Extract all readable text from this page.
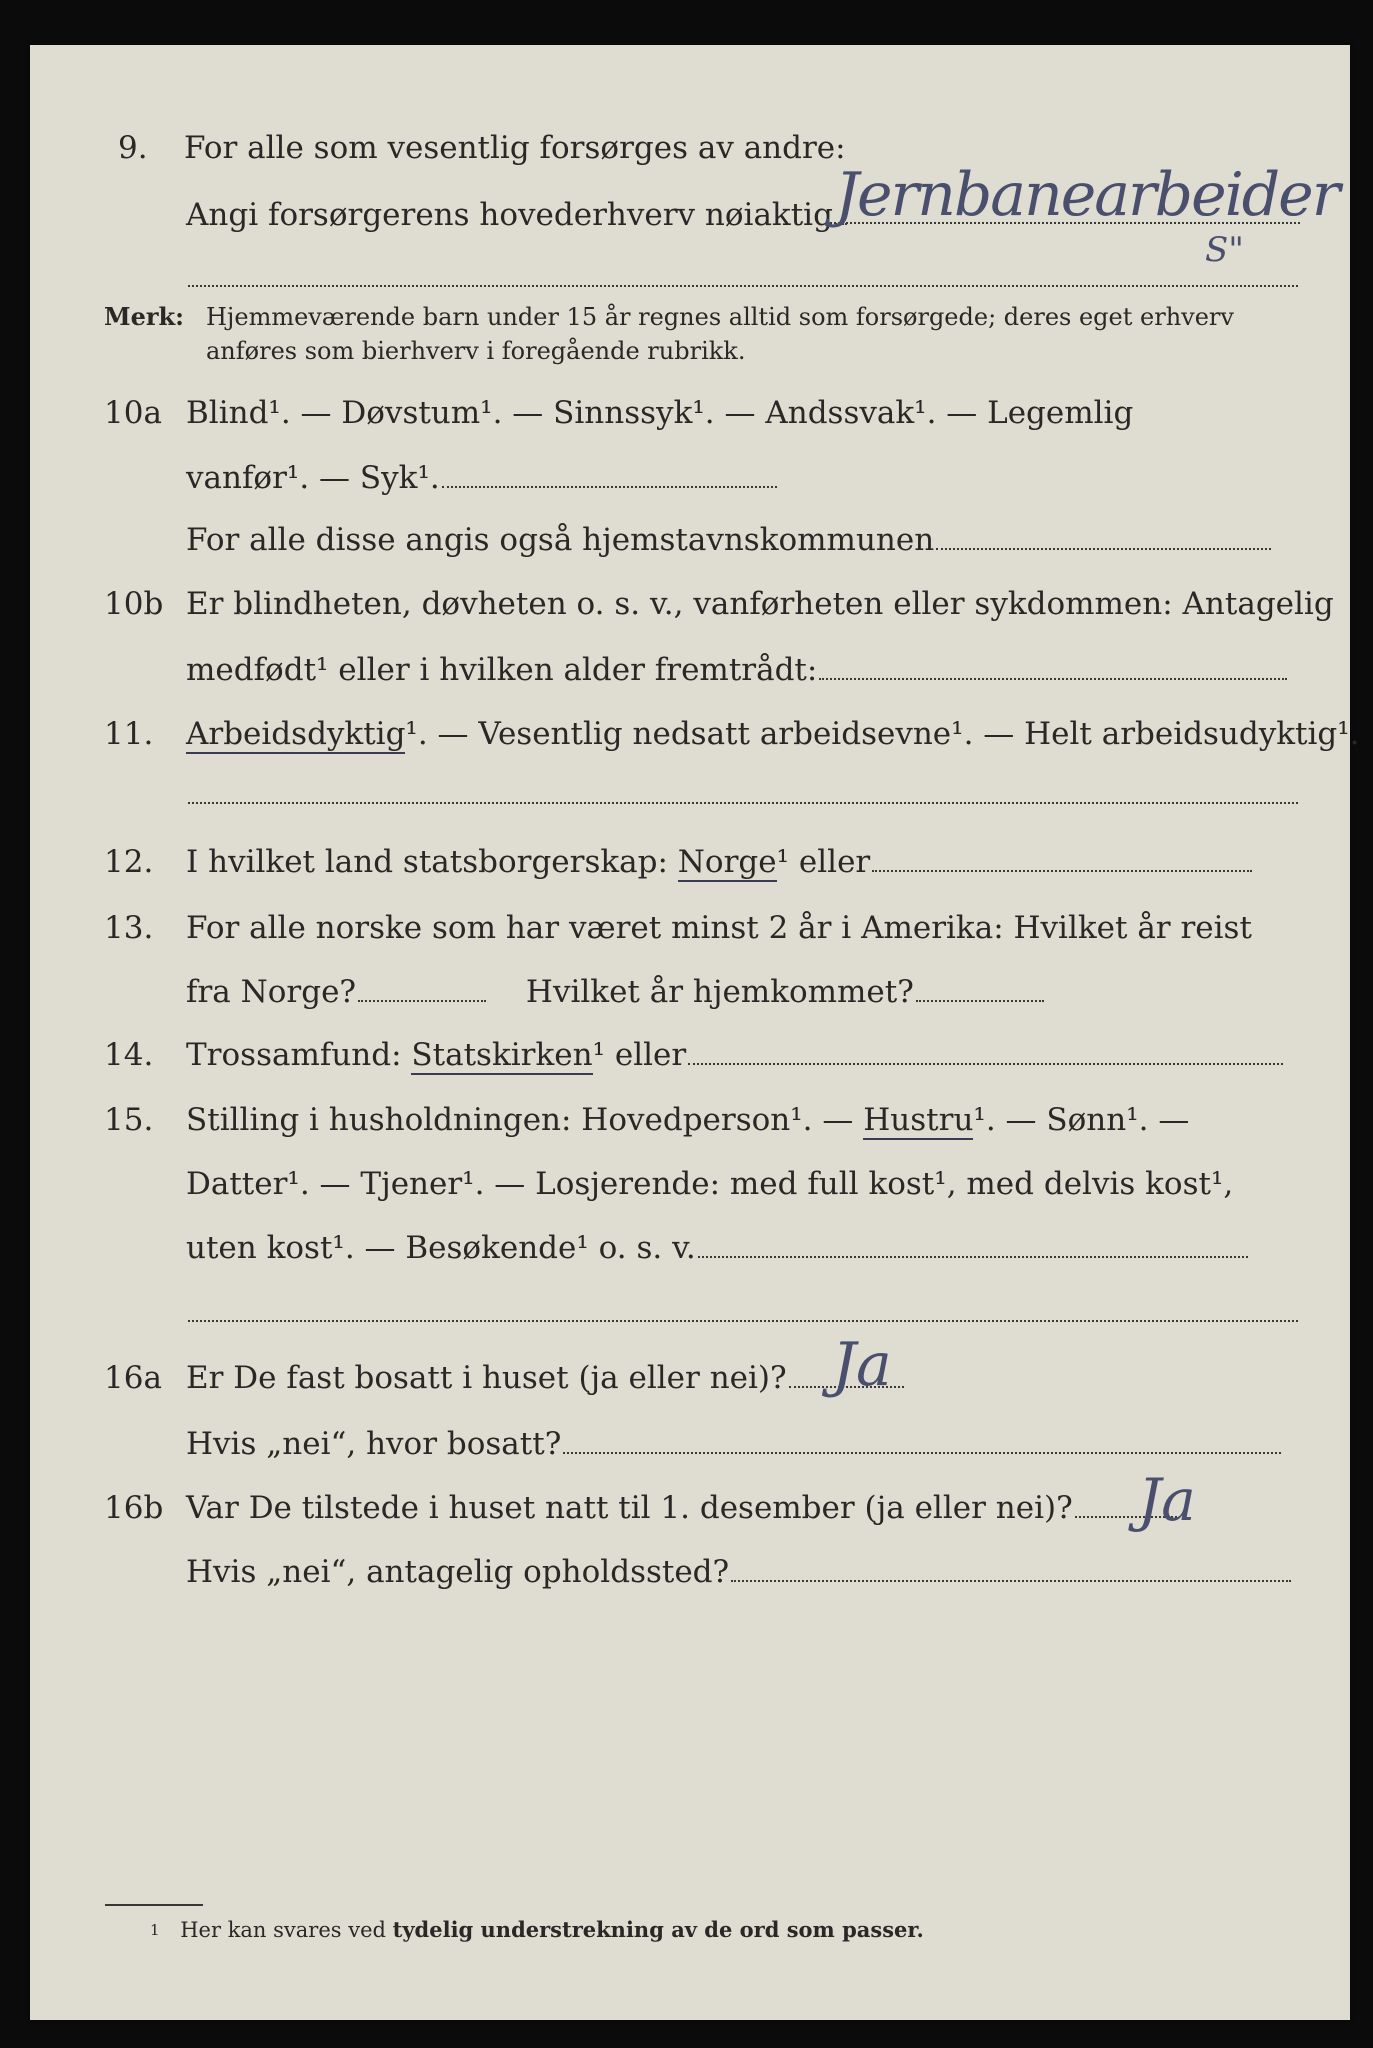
9. For alle som vesentlig forsørges av andre:
Angi forsørgerens hovederhverv nøiaktig Jernbanearbeider
S"
Merk: Hjemmeværende barn under 15 år regnes alltid som forsørgede; deres eget erhverv
anføres som bierhverv i foregående rubrikk.
10a Blind¹. — Døvstum¹. — Sinnssyk¹. — Andssvak¹. — Legemlig
vanfør¹. — Syk¹.
For alle disse angis også hjemstavnskommunen
10b Er blindheten, døvheten o. s. v., vanførheten eller sykdommen: Antagelig
medfødt¹ eller i hvilken alder fremtrådt:
11. Arbeidsdyktig¹. — Vesentlig nedsatt arbeidsevne¹. — Helt arbeidsudyktig¹.
12. I hvilket land statsborgerskap: Norge¹ eller
13. For alle norske som har været minst 2 år i Amerika: Hvilket år reist
fra Norge?	Hvilket år hjemkommet?
14. Trossamfund: Statskirken¹ eller
15. Stilling i husholdningen: Hovedperson¹. — Hustru¹. — Sønn¹. —
Datter¹. — Tjener¹. — Losjerende: med full kost¹, med delvis kost¹,
uten kost¹. — Besøkende¹ o. s. v.
16a Er De fast bosatt i huset (ja eller nei)? Ja
Hvis „nei“, hvor bosatt?
16b Var De tilstede i huset natt til 1. desember (ja eller nei)?	Ja
Hvis „nei“, antagelig opholdssted?
$^1$ Her kan svares ved tydelig understrekning av de ord som passer.
